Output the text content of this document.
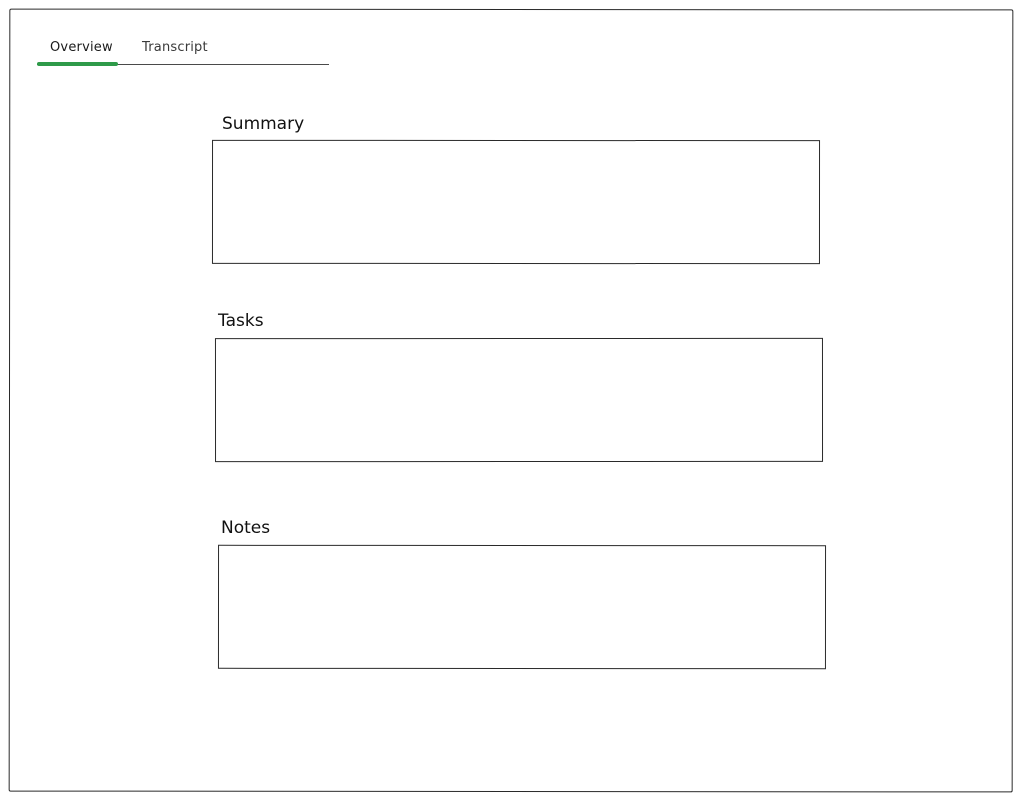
Overview Transcript
Summary
Tasks
Notes
